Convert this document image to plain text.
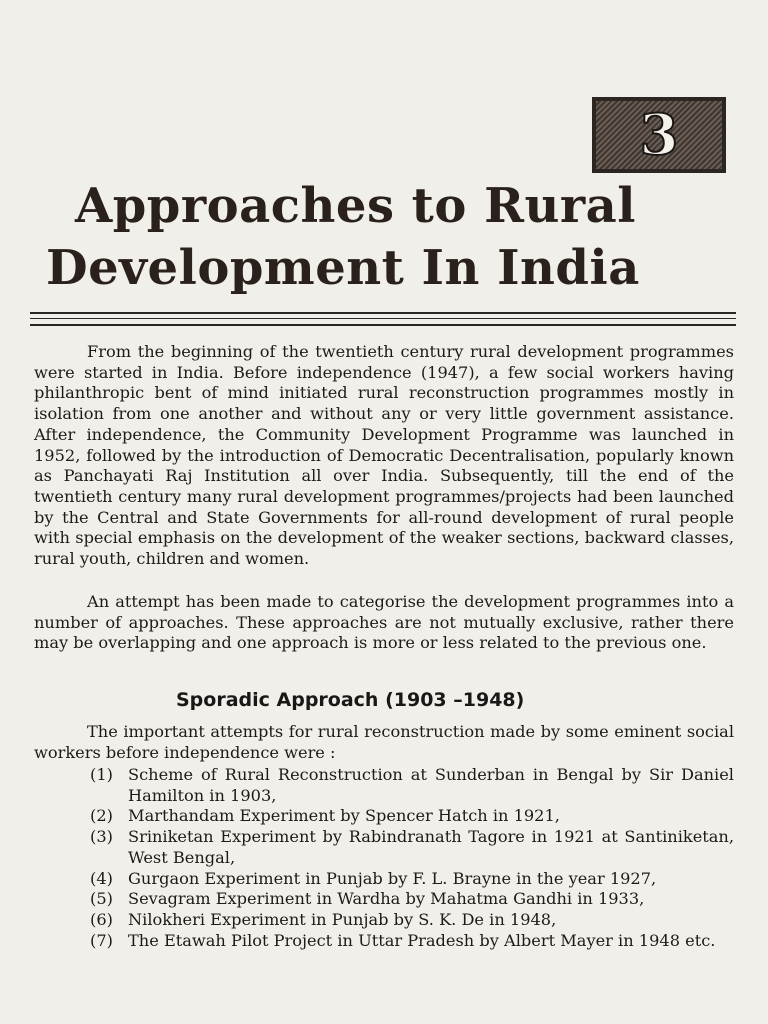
3
Approaches to Rural
Development In India

From the beginning of the twentieth century rural development programmes were started in India. Before independence (1947), a few social workers having philanthropic bent of mind initiated rural reconstruction programmes mostly in isolation from one another and without any or very little government assistance. After independence, the Community Development Programme was launched in 1952, followed by the introduction of Democratic Decentralisation, popularly known as Panchayati Raj Institution all over India. Subsequently, till the end of the twentieth century many rural development programmes/projects had been launched by the Central and State Governments for all-round development of rural people with special emphasis on the development of the weaker sections, backward classes, rural youth, children and women.

An attempt has been made to categorise the development programmes into a number of approaches. These approaches are not mutually exclusive, rather there may be overlapping and one approach is more or less related to the previous one.

Sporadic Approach (1903 –1948)

The important attempts for rural reconstruction made by some eminent social workers before independence were :

(1) Scheme of Rural Reconstruction at Sunderban in Bengal by Sir Daniel Hamilton in 1903,
(2) Marthandam Experiment by Spencer Hatch in 1921,
(3) Sriniketan Experiment by Rabindranath Tagore in 1921 at Santiniketan, West Bengal,
(4) Gurgaon Experiment in Punjab by F. L. Brayne in the year 1927,
(5) Sevagram Experiment in Wardha by Mahatma Gandhi in 1933,
(6) Nilokheri Experiment in Punjab by S. K. De in 1948,
(7) The Etawah Pilot Project in Uttar Pradesh by Albert Mayer in 1948 etc.
